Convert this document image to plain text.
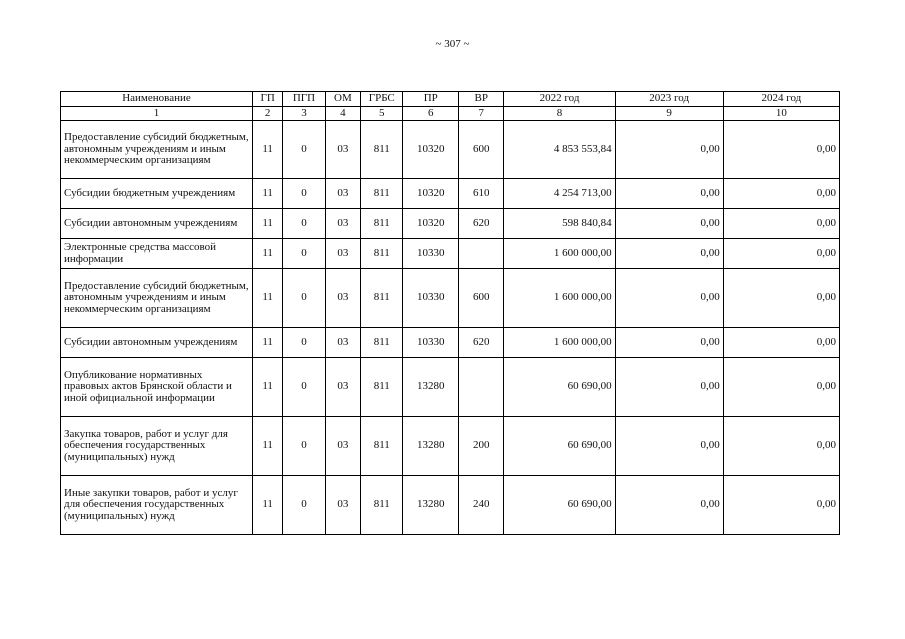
~ 307 ~
Наименование	ГП	ПГП	ОМ	ГРБС	ПР	ВР	2022 год	2023 год	2024 год
1	2	3	4	5	6	7	8	9	10
Предоставление субсидий бюджетным, автономным учреждениям и иным некоммерческим организациям	11	0	03	811	10320	600	4 853 553,84	0,00	0,00
Субсидии бюджетным учреждениям	11	0	03	811	10320	610	4 254 713,00	0,00	0,00
Субсидии автономным учреждениям	11	0	03	811	10320	620	598 840,84	0,00	0,00
Электронные средства массовой информации	11	0	03	811	10330		1 600 000,00	0,00	0,00
Предоставление субсидий бюджетным, автономным учреждениям и иным некоммерческим организациям	11	0	03	811	10330	600	1 600 000,00	0,00	0,00
Субсидии автономным учреждениям	11	0	03	811	10330	620	1 600 000,00	0,00	0,00
Опубликование нормативных правовых актов Брянской области и иной официальной информации	11	0	03	811	13280		60 690,00	0,00	0,00
Закупка товаров, работ и услуг для обеспечения государственных (муниципальных) нужд	11	0	03	811	13280	200	60 690,00	0,00	0,00
Иные закупки товаров, работ и услуг для обеспечения государственных (муниципальных) нужд	11	0	03	811	13280	240	60 690,00	0,00	0,00
